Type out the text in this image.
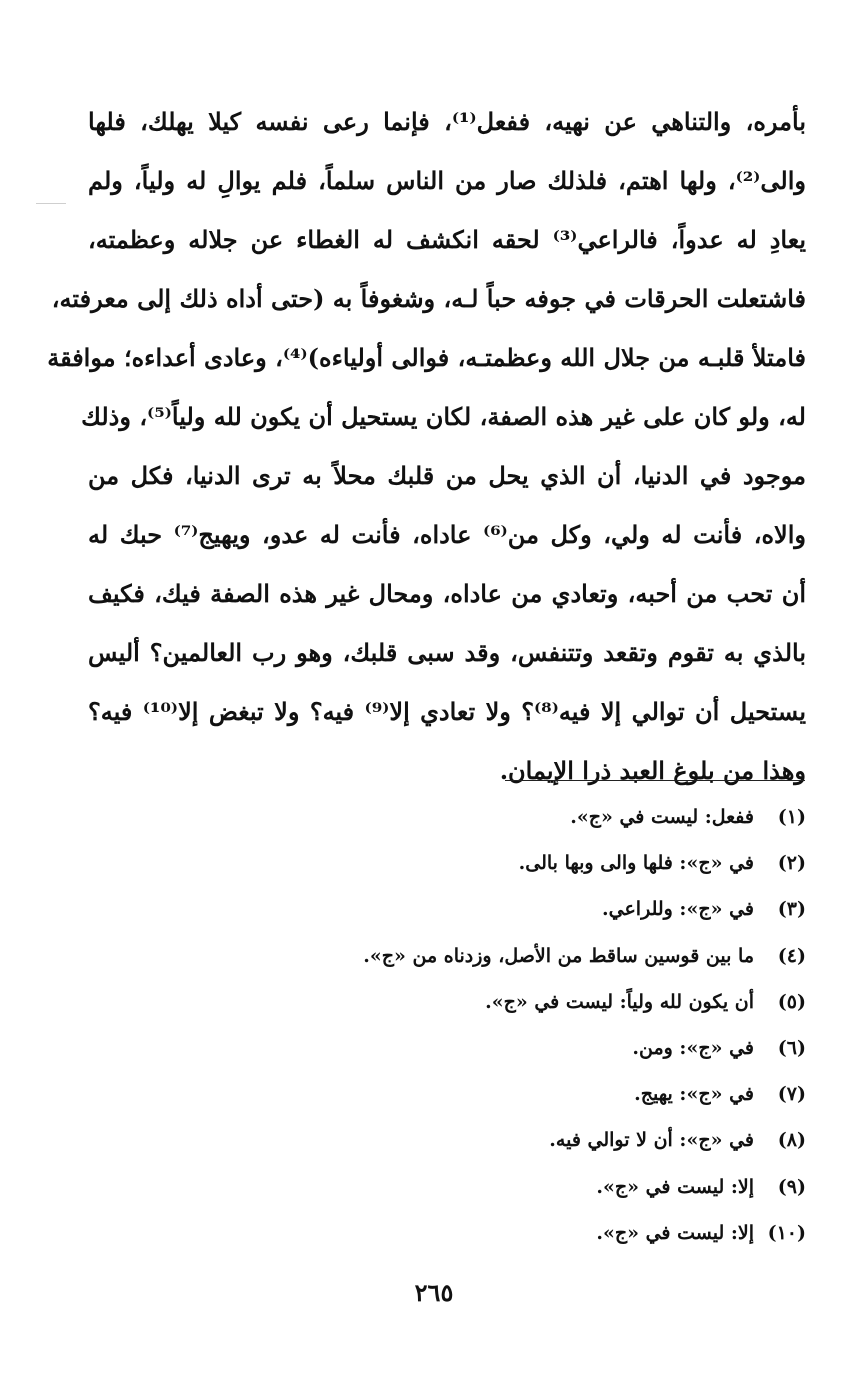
بأمره، والتناهي عن نهيه، ففعل⁽¹⁾، فإنما رعى نفسه كيلا يهلك، فلها
والى⁽²⁾، ولها اهتم، فلذلك صار من الناس سلماً، فلم يوالِ له ولياً، ولم
يعادِ له عدواً، فالراعي⁽³⁾ لحقه انكشف له الغطاء عن جلاله وعظمته،
فاشتعلت الحرقات في جوفه حباً لـه، وشغوفاً به (حتى أداه ذلك إلى معرفته،
فامتلأ قلبـه من جلال الله وعظمتـه، فوالى أولياءه)⁽⁴⁾، وعادى أعداءه؛ موافقة
له، ولو كان على غير هذه الصفة، لكان يستحيل أن يكون لله ولياً⁽⁵⁾، وذلك
موجود في الدنيا، أن الذي يحل من قلبك محلاً به ترى الدنيا، فكل من
والاه، فأنت له ولي، وكل من⁽⁶⁾ عاداه، فأنت له عدو، ويهيج⁽⁷⁾ حبك له
أن تحب من أحبه، وتعادي من عاداه، ومحال غير هذه الصفة فيك، فكيف
بالذي به تقوم وتقعد وتتنفس، وقد سبى قلبك، وهو رب العالمين؟ أليس
يستحيل أن توالي إلا فيه⁽⁸⁾؟ ولا تعادي إلا⁽⁹⁾ فيه؟ ولا تبغض إلا⁽¹⁰⁾ فيه؟
وهذا من بلوغ العبد ذرا الإيمان.
(١)ففعل: ليست في «ج».
(٢)في «ج»: فلها والى وبها بالى.
(٣)في «ج»: وللراعي.
(٤)ما بين قوسين ساقط من الأصل، وزدناه من «ج».
(٥)أن يكون لله ولياً: ليست في «ج».
(٦)في «ج»: ومن.
(٧)في «ج»: يهيج.
(٨)في «ج»: أن لا توالي فيه.
(٩)إلا: ليست في «ج».
(١٠)إلا: ليست في «ج».
٢٦٥
